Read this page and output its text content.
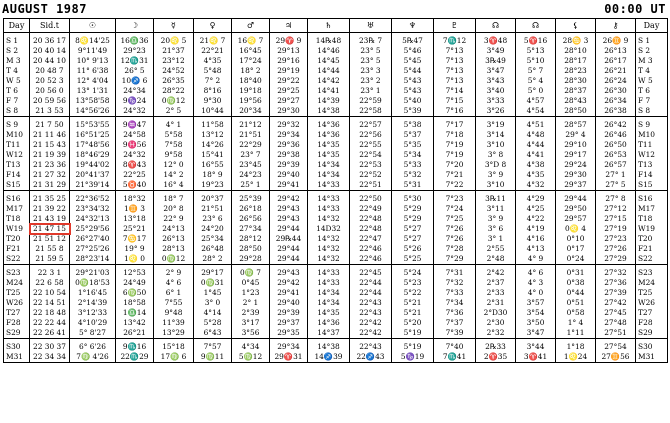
AUGUST 1987	00:00 UT
Day	Sid.t	☉	☽	☿	♀	♂	♃	♄	♅	♆	♇	☊	☊	⚸	⚷	Day
S 1	20 36 17	8♌14'25	16♎36	20♌ 5	21♌ 7	16♌ 7	29♈ 9	14℞48	23℞ 7	5℞47	7♏12	3♈48	5♈16	28♋ 3	26♊ 9	S 1
S 2	20 40 14	9°11'49	29°23	21°37	22°21	16°45	29°13	14°46	23° 5	5°46	7°13	3°49	5°13	28°10	26°13	S 2
M 3	20 44 10	10° 9'13	12♏31	23°12	4°35	17°24	29°16	14°45	23° 5	5°45	7°13	3℞49	5°10	28°17	26°17	M 3
T 4	20 48 7	11° 6'38	26° 5	24°52	5°48	18° 2	29°19	14°44	23° 3	5°44	7°13	3°47	5° 7	28°23	26°21	T 4
W 5	20 52 3	12° 4'04	10♐ 6	26°35	7° 2	18°40	29°22	14°42	23° 2	5°43	7°13	3°43	5° 4	28°30	26°24	W 5
T 6	20 56 0	13° 1'31	24°34	28°22	8°16	19°18	29°25	14°41	23° 1	5°43	7°14	3°40	5° 0	28°37	26°30	T 6
F 7	20 59 56	13°58'58	9♑24	0♍12	9°30	19°56	29°27	14°39	22°59	5°40	7°15	3°33	4°57	28°43	26°34	F 7
S 8	21 3 53	14°56'26	24°32	2° 5	10°44	20°34	29°30	14°38	22°58	5°39	7°16	3°26	4°54	28°50	26°38	S 8
S 9	21 7 50	15°53'55	9♒47	4° 1	11°58	21°12	29°32	14°36	22°57	5°38	7°17	3°19	4°51	28°57	26°42	S 9
M10	21 11 46	16°51'25	24°58	5°58	13°12	21°51	29°34	14°36	22°56	5°37	7°18	3°14	4°48	29° 4	26°46	M10
T11	21 15 43	17°48'56	9♓56	7°58	14°26	22°29	29°36	14°35	22°55	5°35	7°19	3°10	4°44	29°10	26°50	T11
W12	21 19 39	18°46'29	24°32	9°58	15°41	23° 7	29°38	14°35	22°54	5°34	7°19	3° 8	4°41	29°17	26°53	W12
T13	21 23 36	19°44'02	8♈43	12° 0	16°55	23°45	29°39	14°34	22°53	5°33	7°20	3°D 8	4°38	29°24	26°57	T13
F14	21 27 32	20°41'37	22°25	14° 2	18° 9	24°23	29°40	14°34	22°52	5°32	7°21	3° 9	4°35	29°30	27° 1	F14
S15	21 31 29	21°39'14	5♉40	16° 4	19°23	25° 1	29°41	14°33	22°51	5°31	7°22	3°10	4°32	29°37	27° 5	S15
S16	21 35 25	22°36'52	18°32	18° 7	20°37	25°39	29°42	14°33	22°50	5°30	7°23	3℞11	4°29	29°44	27° 8	S16
M17	21 39 22	23°34'32	1♊ 3	20° 8	21°51	26°18	29°43	14°33	22°49	5°29	7°24	3°11	4°25	29°50	27°12	M17
T18	21 43 19	24°32'13	13°18	22° 9	23° 6	26°56	29°43	14°32	22°48	5°29	7°25	3° 9	4°22	29°57	27°15	T18
W19	21 47 15	25°29'56	25°21	24°13	24°20	27°34	29°44	14D32	22°48	5°27	7°26	3° 6	4°19	0♌ 4	27°19	W19
T20	21 51 12	26°27'40	7♋17	26°13	25°34	28°12	29℞44	14°32	22°47	5°27	7°26	3° 1	4°16	0°10	27°23	T20
F21	21 55 8	27°25'26	19° 9	28°13	26°48	28°50	29°44	14°32	22°46	5°26	7°28	2°55	4°13	0°17	27°26	F21
S22	21 59 5	28°23'14	1♌ 0	0♍12	28° 2	29°28	29°44	14°32	22°46	5°25	7°29	2°48	4° 9	0°24	27°29	S22
S23	22 3 1	29°21'03	12°53	2° 9	29°17	0♍ 7	29°43	14°33	22°45	5°24	7°31	2°42	4° 6	0°31	27°32	S23
M24	22 6 58	0♍18'53	24°49	4° 6	0♍31	0°45	29°42	14°33	22°44	5°23	7°32	2°37	4° 3	0°38	27°36	M24
T25	22 10 54	1°16'45	6♍50	6° 1	1°45	1°23	29°41	14°34	22°44	5°22	7°33	2°33	4° 0	0°44	27°39	T25
W26	22 14 51	2°14'39	18°58	7°55	3° 0	2° 1	29°40	14°34	22°43	5°21	7°34	2°31	3°57	0°51	27°42	W26
T27	22 18 48	3°12'33	1♎14	9°48	4°14	2°39	29°39	14°35	22°43	5°21	7°36	2°D30	3°54	0°58	27°45	T27
F28	22 22 44	4°10'29	13°42	11°39	5°28	3°17	29°37	14°36	22°42	5°20	7°37	2°30	3°50	1° 4	27°48	F28
S29	22 26 41	5° 8'27	26°21	13°29	6°43	3°56	29°35	14°37	22°42	5°19	7°39	2°32	3°47	1°11	27°51	S29
S30	22 30 37	6° 6'26	9♏16	15°18	7°57	4°34	29°34	14°38	22°43	5°19	7°40	2℞33	3°44	1°18	27°54	S30
M31	22 34 34	7♍ 4'26	22♏29	17♍ 6	9♍11	5♍12	29♈31	14♐39	22♐43	5♑19	7♏41	2♈35	3♈41	1♌24	27♊56	M31
